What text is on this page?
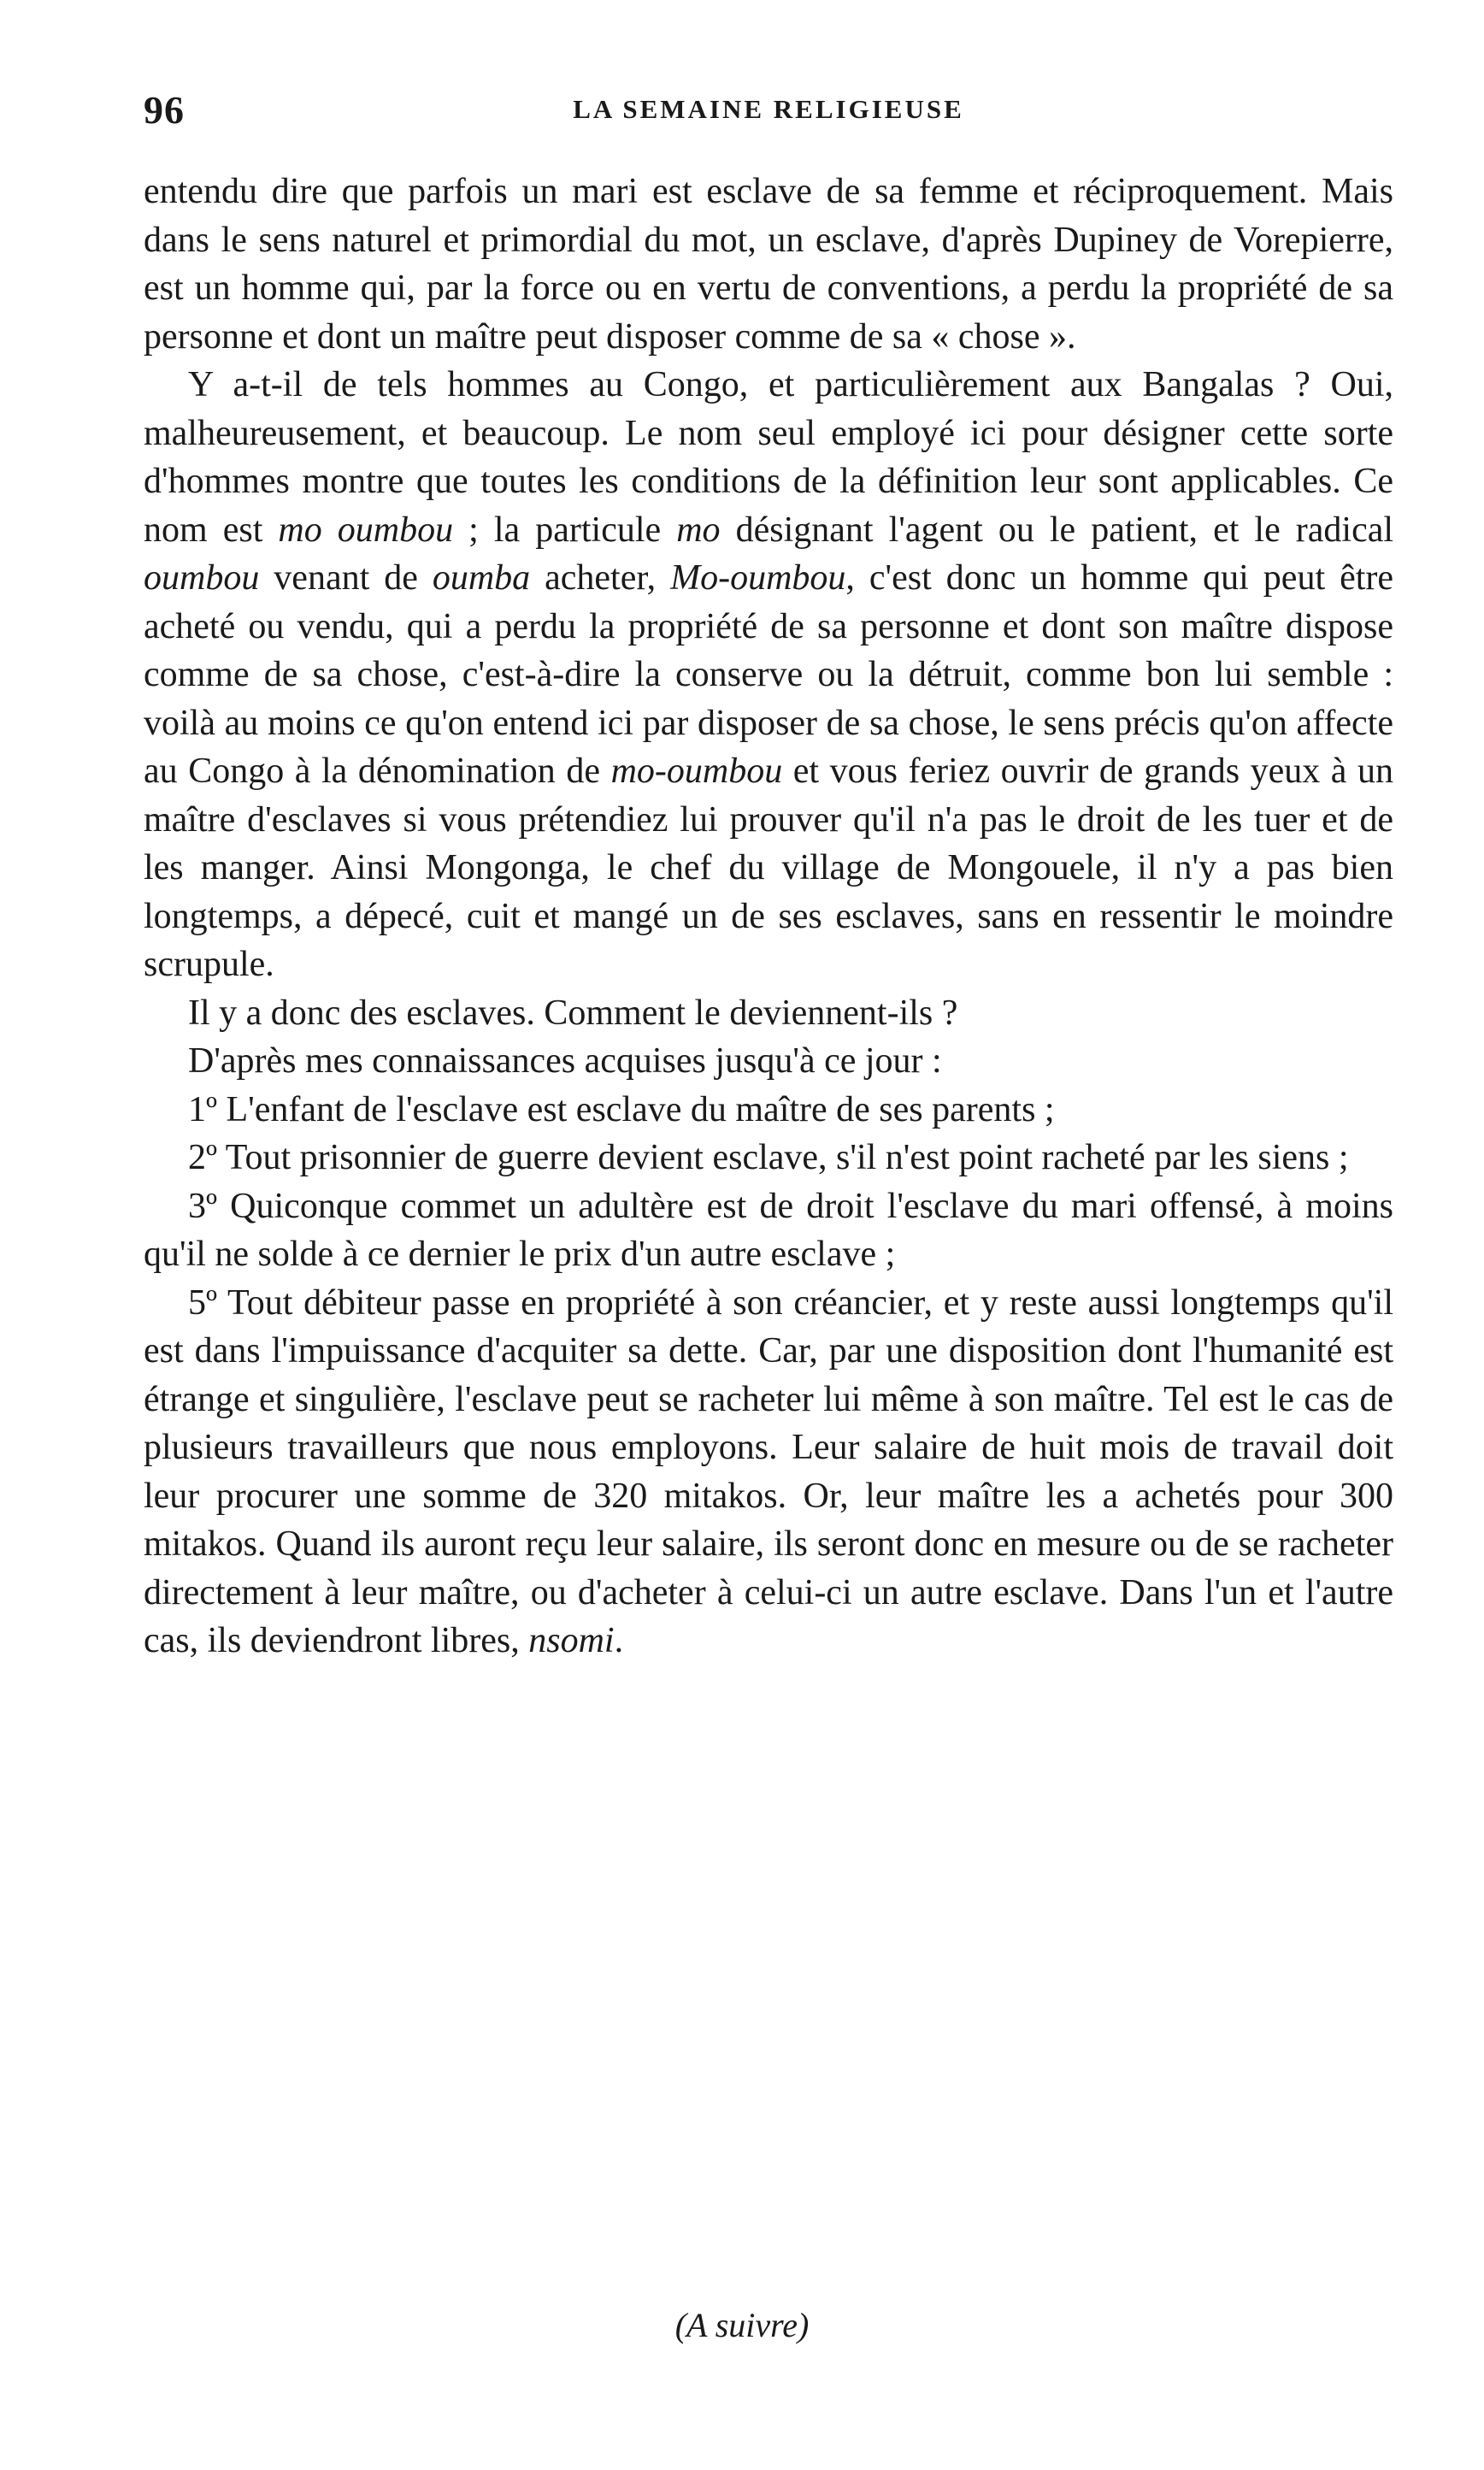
96	LA SEMAINE RELIGIEUSE

entendu dire que parfois un mari est esclave de sa femme et réciproquement. Mais dans le sens naturel et primordial du mot, un esclave, d'après Dupiney de Vorepierre, est un homme qui, par la force ou en vertu de conventions, a perdu la propriété de sa personne et dont un maître peut disposer comme de sa « chose ».

Y a-t-il de tels hommes au Congo, et particulièrement aux Bangalas ? Oui, malheureusement, et beaucoup. Le nom seul employé ici pour désigner cette sorte d'hommes montre que toutes les conditions de la définition leur sont applicables. Ce nom est mo oumbou ; la particule mo désignant l'agent ou le patient, et le radical oumbou venant de oumba acheter, Mo-oumbou, c'est donc un homme qui peut être acheté ou vendu, qui a perdu la propriété de sa personne et dont son maître dispose comme de sa chose, c'est-à-dire la conserve ou la détruit, comme bon lui semble : voilà au moins ce qu'on entend ici par disposer de sa chose, le sens précis qu'on affecte au Congo à la dénomination de mo-oumbou et vous feriez ouvrir de grands yeux à un maître d'esclaves si vous prétendiez lui prouver qu'il n'a pas le droit de les tuer et de les manger. Ainsi Mongonga, le chef du village de Mongouele, il n'y a pas bien longtemps, a dépecé, cuit et mangé un de ses esclaves, sans en ressentir le moindre scrupule.

Il y a donc des esclaves. Comment le deviennent-ils ?

D'après mes connaissances acquises jusqu'à ce jour :

1º L'enfant de l'esclave est esclave du maître de ses parents ;

2º Tout prisonnier de guerre devient esclave, s'il n'est point racheté par les siens ;

3º Quiconque commet un adultère est de droit l'esclave du mari offensé, à moins qu'il ne solde à ce dernier le prix d'un autre esclave ;

5º Tout débiteur passe en propriété à son créancier, et y reste aussi longtemps qu'il est dans l'impuissance d'acquiter sa dette. Car, par une disposition dont l'humanité est étrange et singulière, l'esclave peut se racheter lui même à son maître. Tel est le cas de plusieurs travailleurs que nous employons. Leur salaire de huit mois de travail doit leur procurer une somme de 320 mitakos. Or, leur maître les a achetés pour 300 mitakos. Quand ils auront reçu leur salaire, ils seront donc en mesure ou de se racheter directement à leur maître, ou d'acheter à celui-ci un autre esclave. Dans l'un et l'autre cas, ils deviendront libres, nsomi.

(A suivre)
